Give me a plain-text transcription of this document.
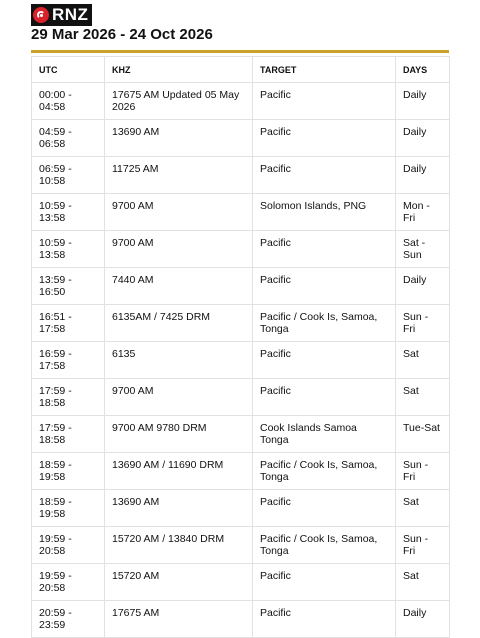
RNZ
29 Mar 2026 - 24 Oct 2026
UTC	KHZ	TARGET	DAYS
00:00 - 04:58	17675 AM Updated 05 May 2026	Pacific	Daily
04:59 - 06:58	13690 AM	Pacific	Daily
06:59 - 10:58	11725 AM	Pacific	Daily
10:59 - 13:58	9700 AM	Solomon Islands, PNG	Mon - Fri
10:59 - 13:58	9700 AM	Pacific	Sat - Sun
13:59 - 16:50	7440 AM	Pacific	Daily
16:51 - 17:58	6135AM / 7425 DRM	Pacific / Cook Is, Samoa, Tonga	Sun - Fri
16:59 - 17:58	6135	Pacific	Sat
17:59 - 18:58	9700 AM	Pacific	Sat
17:59 - 18:58	9700 AM 9780 DRM	Cook Islands Samoa Tonga	Tue-Sat
18:59 - 19:58	13690 AM / 11690 DRM	Pacific / Cook Is, Samoa, Tonga	Sun - Fri
18:59 - 19:58	13690 AM	Pacific	Sat
19:59 - 20:58	15720 AM / 13840 DRM	Pacific / Cook Is, Samoa, Tonga	Sun - Fri
19:59 - 20:58	15720 AM	Pacific	Sat
20:59 - 23:59	17675 AM	Pacific	Daily
